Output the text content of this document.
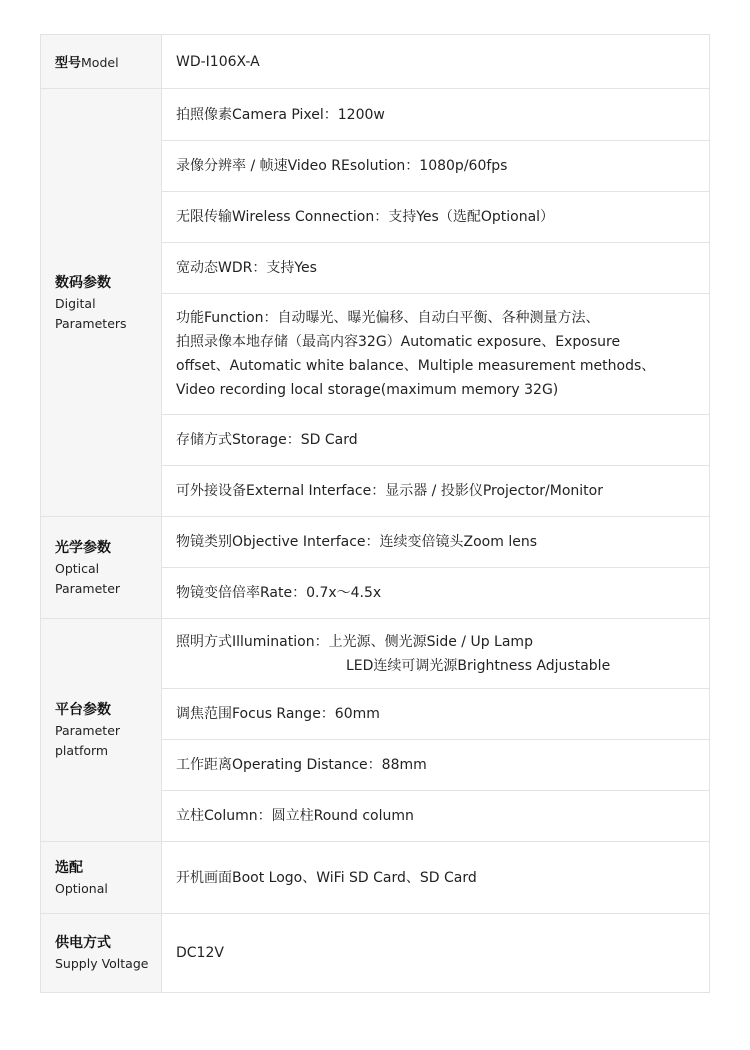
型号Model	WD-I106X-A

数码参数
Digital
Parameters	拍照像素Camera Pixel：1200w
	录像分辨率 / 帧速Video REsolution：1080p/60fps
	无限传输Wireless Connection：支持Yes（选配Optional）
	宽动态WDR：支持Yes

	功能Function：自动曝光、曝光偏移、自动白平衡、各种测量方法、
拍照录像本地存储（最高内容32G）Automatic exposure、Exposure
offset、Automatic white balance、Multiple measurement methods、
Video recording local storage(maximum memory 32G)

	存储方式Storage：SD Card
	可外接设备External Interface：显示器 / 投影仪Projector/Monitor

光学参数
Optical
Parameter	物镜类别Objective Interface：连续变倍镜头Zoom lens
	物镜变倍倍率Rate：0.7x～4.5x

平台参数
Parameter
platform	照明方式Illumination：上光源、侧光源Side / Up Lamp
LED连续可调光源Brightness Adjustable

	调焦范围Focus Range：60mm
	工作距离Operating Distance：88mm
	立柱Column：圆立柱Round column

选配
Optional	开机画面Boot Logo、WiFi SD Card、SD Card

供电方式
Supply Voltage	DC12V
